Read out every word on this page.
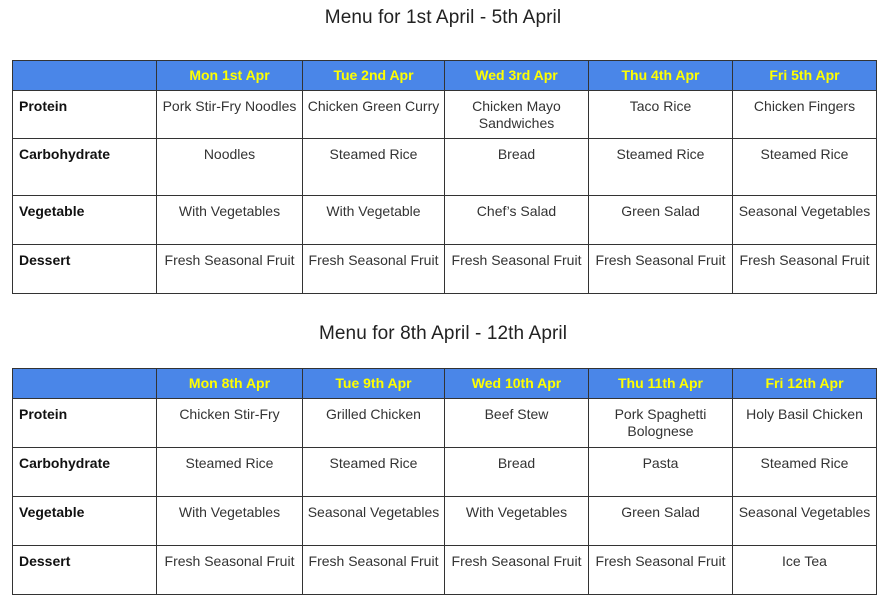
Menu for 1st April - 5th April
	Mon 1st Apr	Tue 2nd Apr	Wed 3rd Apr	Thu 4th Apr	Fri 5th Apr

Protein	Pork Stir-Fry Noodles	Chicken Green Curry	Chicken Mayo Sandwiches	Taco Rice	Chicken Fingers

Carbohydrate	Noodles	Steamed Rice	Bread	Steamed Rice	Steamed Rice

Vegetable	With Vegetables	With Vegetable	Chef’s Salad	Green Salad	Seasonal Vegetables

Dessert	Fresh Seasonal Fruit	Fresh Seasonal Fruit	Fresh Seasonal Fruit	Fresh Seasonal Fruit	Fresh Seasonal Fruit
Menu for 8th April - 12th April
	Mon 8th Apr	Tue 9th Apr	Wed 10th Apr	Thu 11th Apr	Fri 12th Apr

Protein	Chicken Stir-Fry	Grilled Chicken	Beef Stew	Pork Spaghetti Bolognese	Holy Basil Chicken

Carbohydrate	Steamed Rice	Steamed Rice	Bread	Pasta	Steamed Rice

Vegetable	With Vegetables	Seasonal Vegetables	With Vegetables	Green Salad	Seasonal Vegetables

Dessert	Fresh Seasonal Fruit	Fresh Seasonal Fruit	Fresh Seasonal Fruit	Fresh Seasonal Fruit	Ice Tea
